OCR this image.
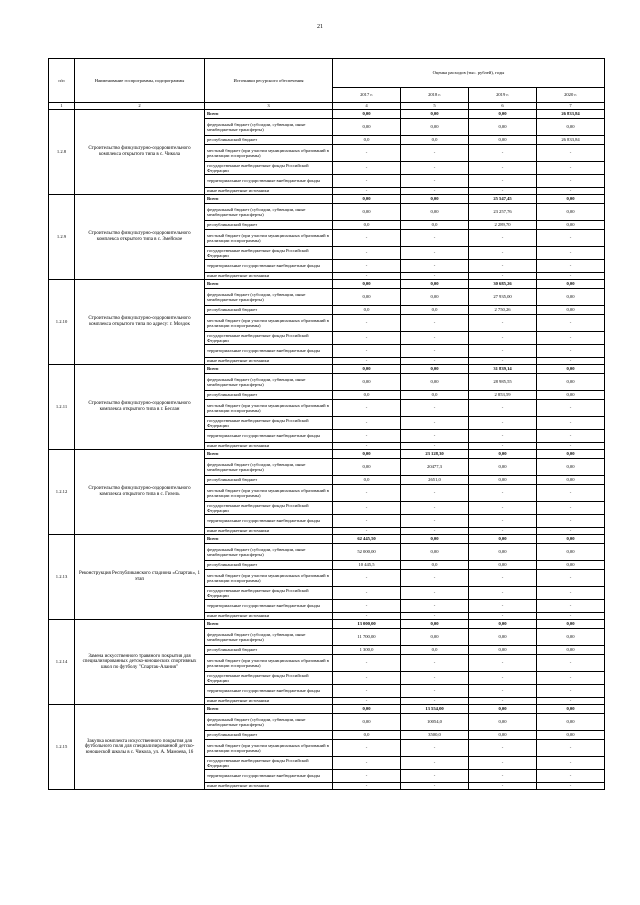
21
п/п	Наименование госпрограммы, подпрограммы	Источники ресурсного обеспечения	Оценка расходов (тыс. рублей), годы			
			2017 г.	2018 г.	2019 г.	2020 г.
1	2	3	4	5	6	7
1.2.8	Строительство физкультурно-оздоровительного комплекса открытого типа в с. Чикола	Всего	0,00	0,00	0,00	26 833,84
		федеральный бюджет (субсидии, субвенции, иные межбюджетные трансферты)	0,00	0,00	0,00	0,00
		республиканский бюджет	0,0	0,0	0,00	26 833,84
		местный бюджет (при участии муниципальных образований в реализации госпрограммы)	-	-	-	-
		государственные внебюджетные фонды Российской Федерации	-	-	-	-
		территориальные государственные внебюджетные фонды	-	-	-	-
		иные внебюджетные источники	-	-	-	-
1.2.9	Строительство физкультурно-оздоровительного комплекса открытого типа в с. Змейское	Всего	0,00	0,00	25 547,45	0,00
		федеральный бюджет (субсидии, субвенции, иные межбюджетные трансферты)	0,00	0,00	23 257,76	0,00
		республиканский бюджет	0,0	0,0	2 289,70	0,00
		местный бюджет (при участии муниципальных образований в реализации госпрограммы)	-	-	-	-
		государственные внебюджетные фонды Российской Федерации	-	-	-	-
		территориальные государственные внебюджетные фонды	-	-	-	-
		иные внебюджетные источники	-	-	-	-
1.2.10	Строительство физкультурно-оздоровительного комплекса открытого типа по адресу: г. Моздок	Всего	0,00	0,00	30 685,26	0,00
		федеральный бюджет (субсидии, субвенции, иные межбюджетные трансферты)	0,00	0,00	27 935,00	0,00
		республиканский бюджет	0,0	0,0	2 750,26	0,00
		местный бюджет (при участии муниципальных образований в реализации госпрограммы)	-	-	-	-
		государственные внебюджетные фонды Российской Федерации	-	-	-	-
		территориальные государственные внебюджетные фонды	-	-	-	-
		иные внебюджетные источники	-	-	-	-
1.2.11	Строительство физкультурно-оздоровительного комплекса открытого типа в г. Беслан	Всего	0,00	0,00	31 839,14	0,00
		федеральный бюджет (субсидии, субвенции, иные межбюджетные трансферты)	0,00	0,00	28 985,55	0,00
		республиканский бюджет	0,0	0,0	2 853,59	0,00
		местный бюджет (при участии муниципальных образований в реализации госпрограммы)	-	-	-	-
		государственные внебюджетные фонды Российской Федерации	-	-	-	-
		территориальные государственные внебюджетные фонды	-	-	-	-
		иные внебюджетные источники	-	-	-	-
1.2.12	Строительство физкультурно-оздоровительного комплекса открытого типа в с. Гизель	Всего	0,00	23 128,30	0,00	0,00
		федеральный бюджет (субсидии, субвенции, иные межбюджетные трансферты)	0,00	20477,3	0,00	0,00
		республиканский бюджет	0,0	2651,0	0,00	0,00
		местный бюджет (при участии муниципальных образований в реализации госпрограммы)	-	-	-	-
		государственные внебюджетные фонды Российской Федерации	-	-	-	-
		территориальные государственные внебюджетные фонды	-	-	-	-
		иные внебюджетные источники	-	-	-	-
1.2.13	Реконструкция Республиканского стадиона «Спартак», 1 этап	Всего	62 445,50	0,00	0,00	0,00
		федеральный бюджет (субсидии, субвенции, иные межбюджетные трансферты)	52 000,00	0,00	0,00	0,00
		республиканский бюджет	10 445,5	0,0	0,00	0,00
		местный бюджет (при участии муниципальных образований в реализации госпрограммы)	-	-	-	-
		государственные внебюджетные фонды Российской Федерации	-	-	-	-
		территориальные государственные внебюджетные фонды	-	-	-	-
		иные внебюджетные источники	-	-	-	-
1.2.14	Замена искусственного травяного покрытия для специализированных детско-юношеских спортивных школ по футболу "Спартак-Алания"	Всего	13 000,00	0,00	0,00	0,00
		федеральный бюджет (субсидии, субвенции, иные межбюджетные трансферты)	11 700,00	0,00	0,00	0,00
		республиканский бюджет	1 300,0	0,0	0,00	0,00
		местный бюджет (при участии муниципальных образований в реализации госпрограммы)	-	-	-	-
		государственные внебюджетные фонды Российской Федерации	-	-	-	-
		территориальные государственные внебюджетные фонды	-	-	-	-
		иные внебюджетные источники	-	-	-	-
1.2.15	Закупка комплекта искусственного покрытия для футбольного поля для специализированной детско-юношеской школы в с. Чикола, ул. А. Мамоева, 16	Всего	0,00	13 554,00	0,00	0,00
		федеральный бюджет (субсидии, субвенции, иные межбюджетные трансферты)	0,00	10054,0	0,00	0,00
		республиканский бюджет	0,0	3500,0	0,00	0,00
		местный бюджет (при участии муниципальных образований в реализации госпрограммы)	-	-	-	-
		государственные внебюджетные фонды Российской Федерации	-	-	-	-
		территориальные государственные внебюджетные фонды	-	-	-	-
		иные внебюджетные источники	-	-	-	-
